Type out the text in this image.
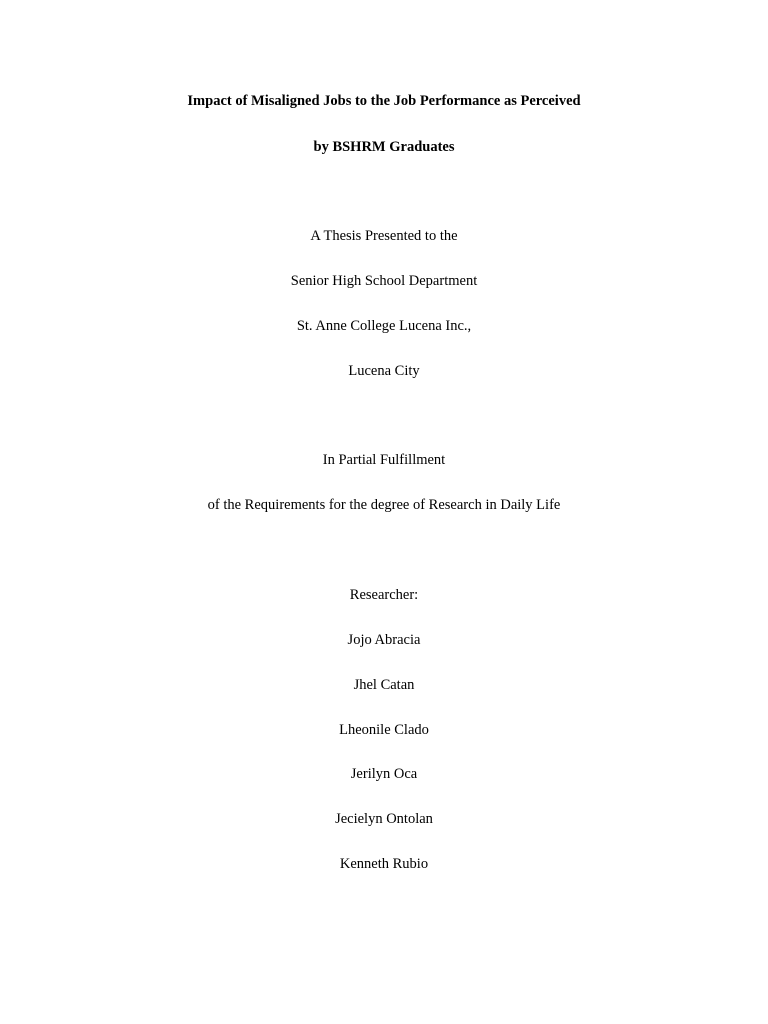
Impact of Misaligned Jobs to the Job Performance as Perceived
by BSHRM Graduates
A Thesis Presented to the
Senior High School Department
St. Anne College Lucena Inc.,
Lucena City
In Partial Fulfillment
of the Requirements for the degree of Research in Daily Life
Researcher:
Jojo Abracia
Jhel Catan
Lheonile Clado
Jerilyn Oca
Jecielyn Ontolan
Kenneth Rubio
